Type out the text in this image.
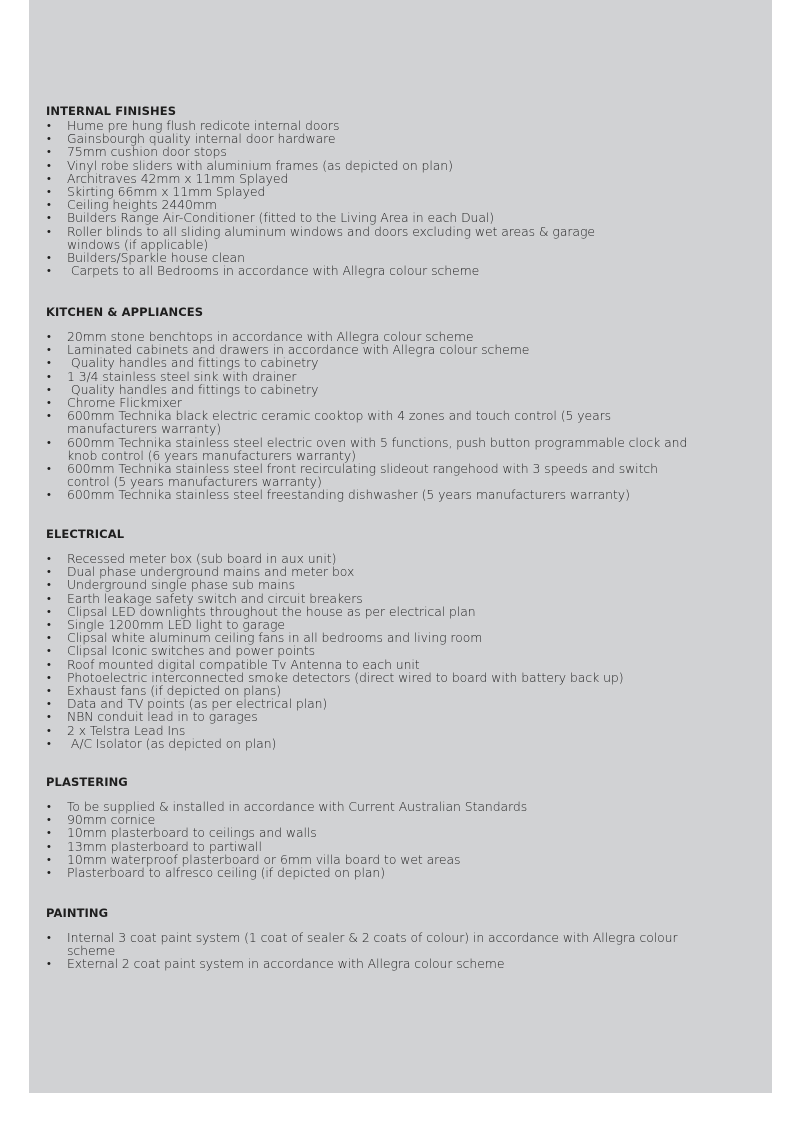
INTERNAL FINISHES
• Hume pre hung flush redicote internal doors
• Gainsbourgh quality internal door hardware
• 75mm cushion door stops
• Vinyl robe sliders with aluminium frames (as depicted on plan)
• Architraves 42mm x 11mm Splayed
• Skirting 66mm x 11mm Splayed
• Ceiling heights 2440mm
• Builders Range Air-Conditioner (fitted to the Living Area in each Dual)
• Roller blinds to all sliding aluminum windows and doors excluding wet areas & garage windows (if applicable)
• Builders/Sparkle house clean
•  Carpets to all Bedrooms in accordance with Allegra colour scheme
KITCHEN & APPLIANCES
• 20mm stone benchtops in accordance with Allegra colour scheme
• Laminated cabinets and drawers in accordance with Allegra colour scheme
•  Quality handles and fittings to cabinetry
• 1 3/4 stainless steel sink with drainer
•  Quality handles and fittings to cabinetry
• Chrome Flickmixer
• 600mm Technika black electric ceramic cooktop with 4 zones and touch control (5 years manufacturers warranty)
• 600mm Technika stainless steel electric oven with 5 functions, push button programmable clock and knob control (6 years manufacturers warranty)
• 600mm Technika stainless steel front recirculating slideout rangehood with 3 speeds and switch control (5 years manufacturers warranty)
• 600mm Technika stainless steel freestanding dishwasher (5 years manufacturers warranty)
ELECTRICAL
• Recessed meter box (sub board in aux unit)
• Dual phase underground mains and meter box
• Underground single phase sub mains
• Earth leakage safety switch and circuit breakers
• Clipsal LED downlights throughout the house as per electrical plan
• Single 1200mm LED light to garage
• Clipsal white aluminum ceiling fans in all bedrooms and living room
• Clipsal Iconic switches and power points
• Roof mounted digital compatible Tv Antenna to each unit
• Photoelectric interconnected smoke detectors (direct wired to board with battery back up)
• Exhaust fans (if depicted on plans)
• Data and TV points (as per electrical plan)
• NBN conduit lead in to garages
• 2 x Telstra Lead Ins
•  A/C Isolator (as depicted on plan)
PLASTERING
• To be supplied & installed in accordance with Current Australian Standards
• 90mm cornice
• 10mm plasterboard to ceilings and walls
• 13mm plasterboard to partiwall
• 10mm waterproof plasterboard or 6mm villa board to wet areas
• Plasterboard to alfresco ceiling (if depicted on plan)
PAINTING
• Internal 3 coat paint system (1 coat of sealer & 2 coats of colour) in accordance with Allegra colour scheme
• External 2 coat paint system in accordance with Allegra colour scheme
